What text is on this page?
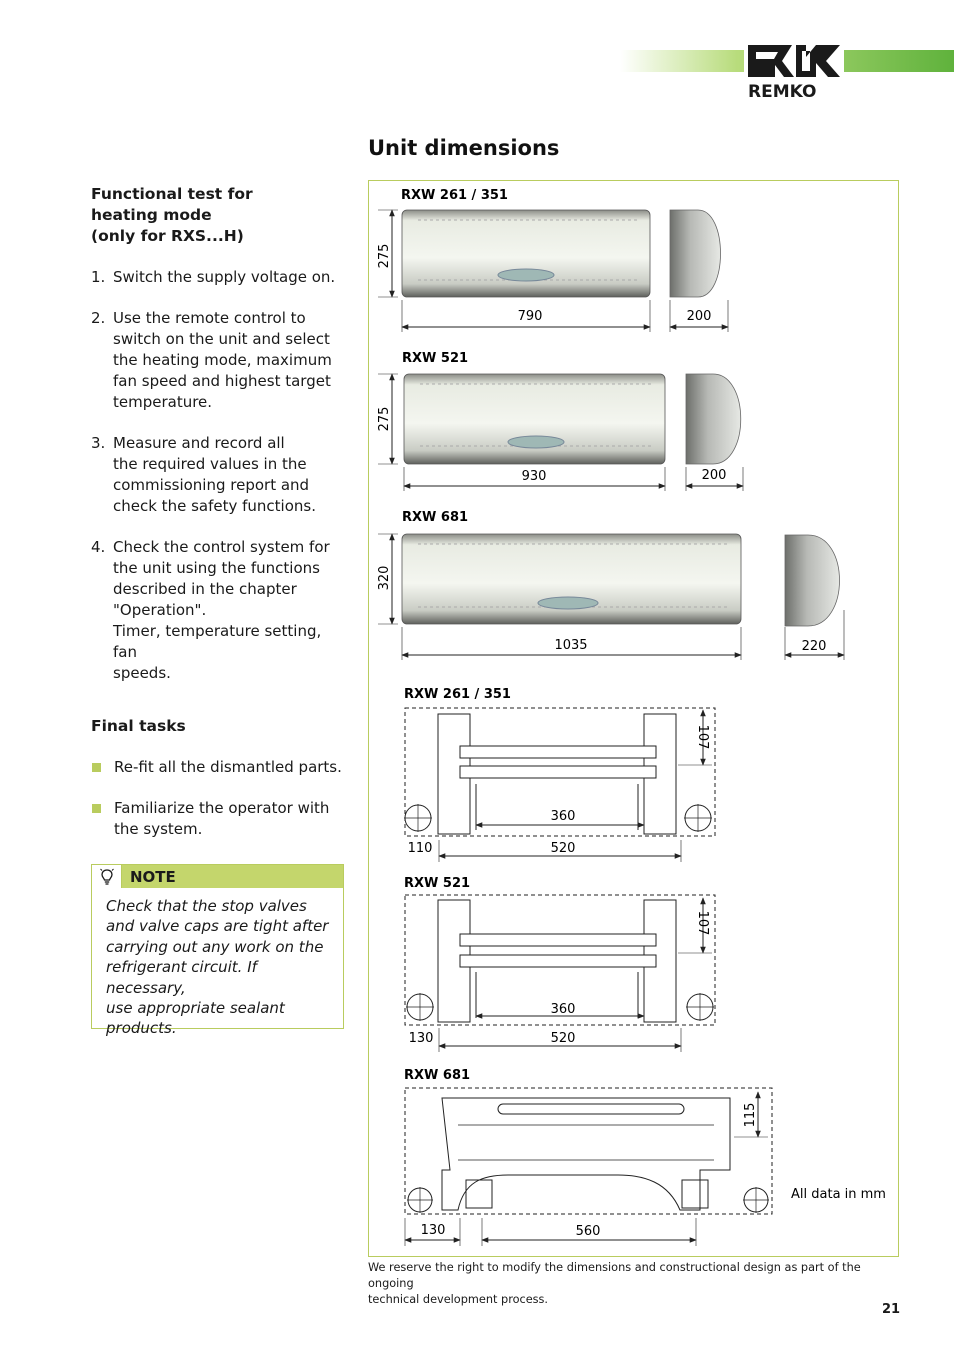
REMKO
Unit dimensions
Functional test for
heating mode
(only for RXS...H)
1. Switch the supply voltage on.
2. Use the remote control to
switch on the unit and select
the heating mode, maximum
fan speed and highest target
temperature.
3. Measure and record all
the required values in the
commissioning report and
check the safety functions.
4. Check the control system for
the unit using the functions
described in the chapter
"Operation".
Timer, temperature setting, fan
speeds.
Final tasks
Re-fit all the dismantled parts.
Familiarize the operator with
the system.
NOTE
Check that the stop valves
and valve caps are tight after
carrying out any work on the
refrigerant circuit. If necessary,
use appropriate sealant
products.
RXW 261 / 351
275
790	200
RXW 521
275
930	200
RXW 681
320
1035	220
RXW 261 / 351
107
360
110	520
RXW 521
107
360
130	520
RXW 681
115
130	560
All data in mm
We reserve the right to modify the dimensions and constructional design as part of the ongoing
technical development process.
21
